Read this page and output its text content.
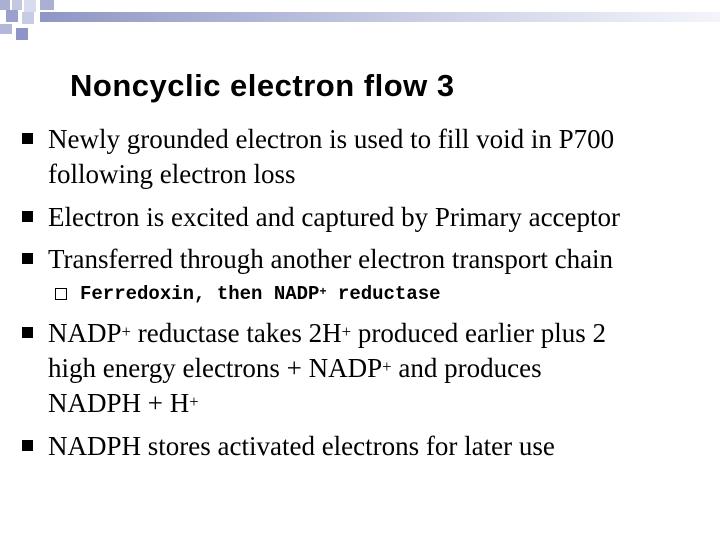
Noncyclic electron flow 3
Newly grounded electron is used to fill void in P700
following electron loss
Electron is excited and captured by Primary acceptor
Transferred through another electron transport chain
Ferredoxin, then NADP+ reductase
NADP+ reductase takes 2H+ produced earlier plus 2
high energy electrons + NADP+ and produces
NADPH + H+
NADPH stores activated electrons for later use
